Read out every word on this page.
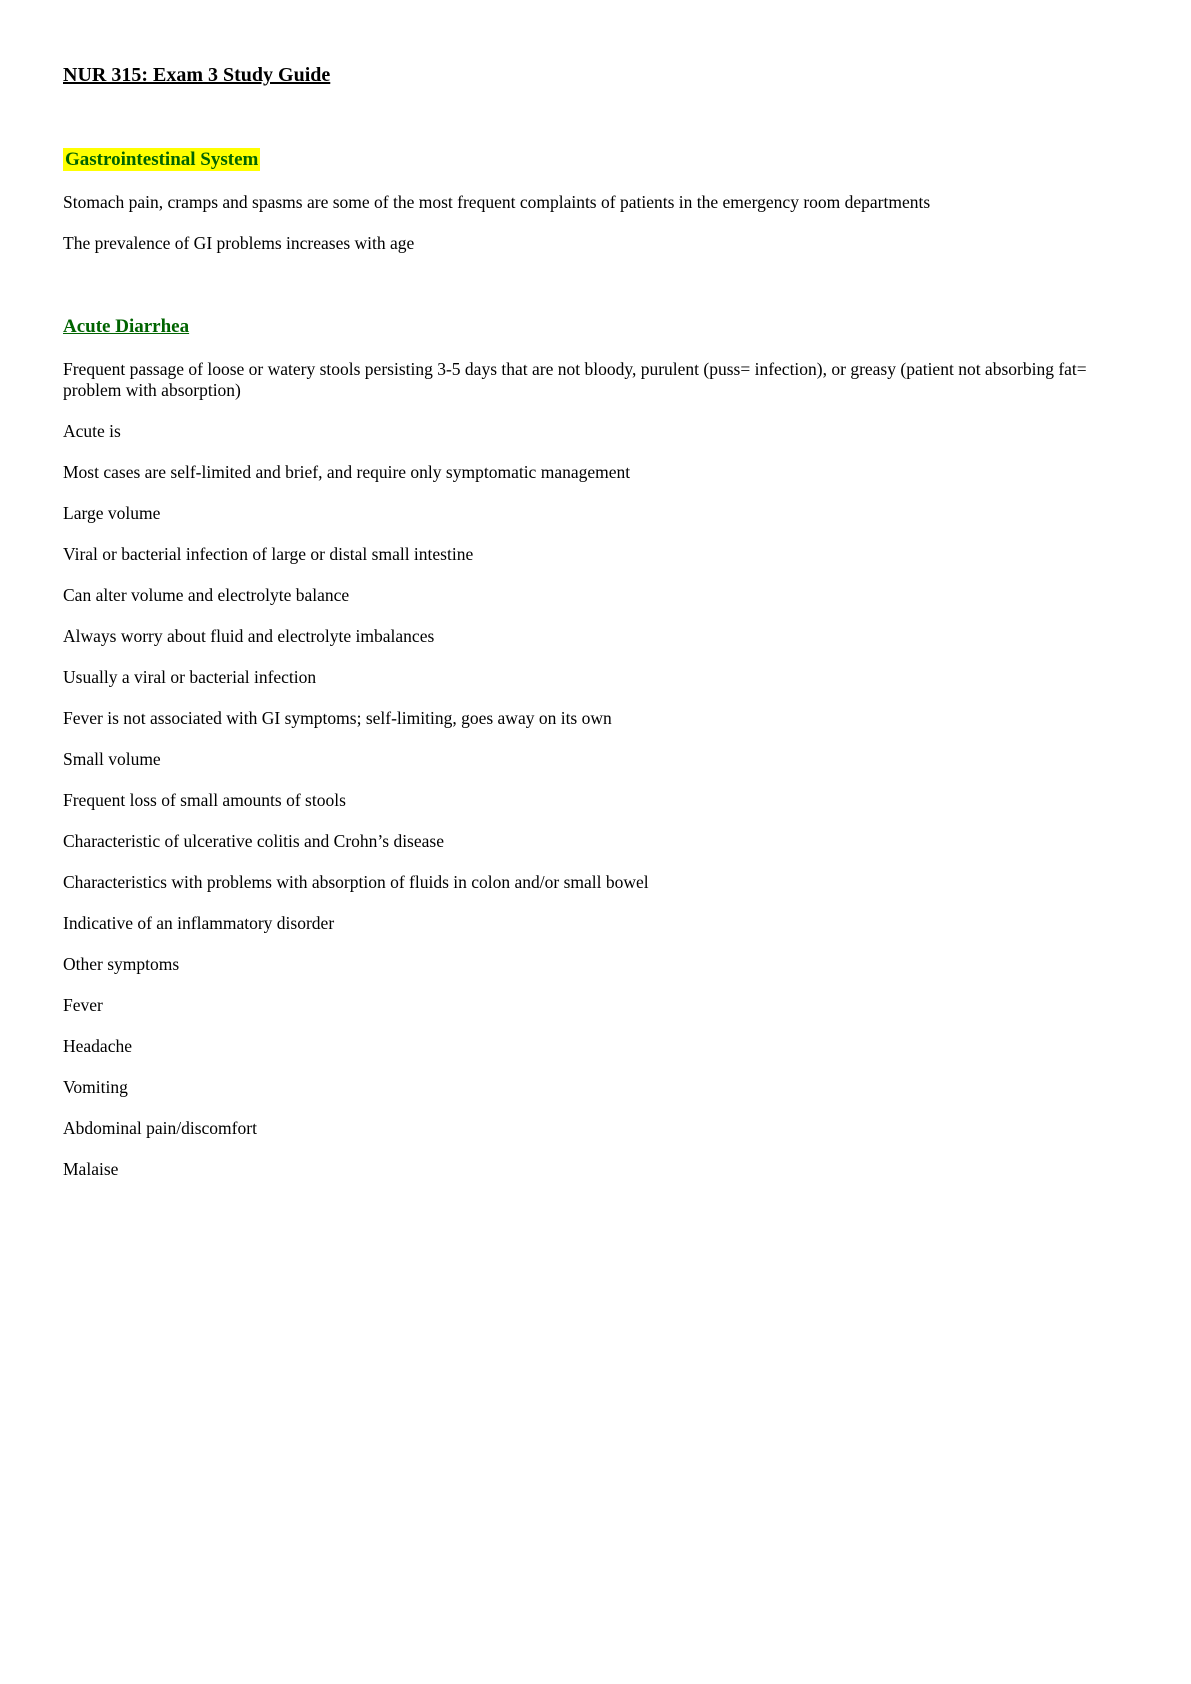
NUR 315: Exam 3 Study Guide
Gastrointestinal System

Stomach pain, cramps and spasms are some of the most frequent complaints of patients in the emergency room departments

The prevalence of GI problems increases with age

Acute Diarrhea

Frequent passage of loose or watery stools persisting 3-5 days that are not bloody, purulent (puss= infection), or greasy (patient not absorbing fat= problem with absorption)

Acute is

Most cases are self-limited and brief, and require only symptomatic management

Large volume

Viral or bacterial infection of large or distal small intestine

Can alter volume and electrolyte balance

Always worry about fluid and electrolyte imbalances

Usually a viral or bacterial infection

Fever is not associated with GI symptoms; self-limiting, goes away on its own

Small volume

Frequent loss of small amounts of stools

Characteristic of ulcerative colitis and Crohn’s disease

Characteristics with problems with absorption of fluids in colon and/or small bowel

Indicative of an inflammatory disorder

Other symptoms

Fever

Headache

Vomiting

Abdominal pain/discomfort

Malaise
